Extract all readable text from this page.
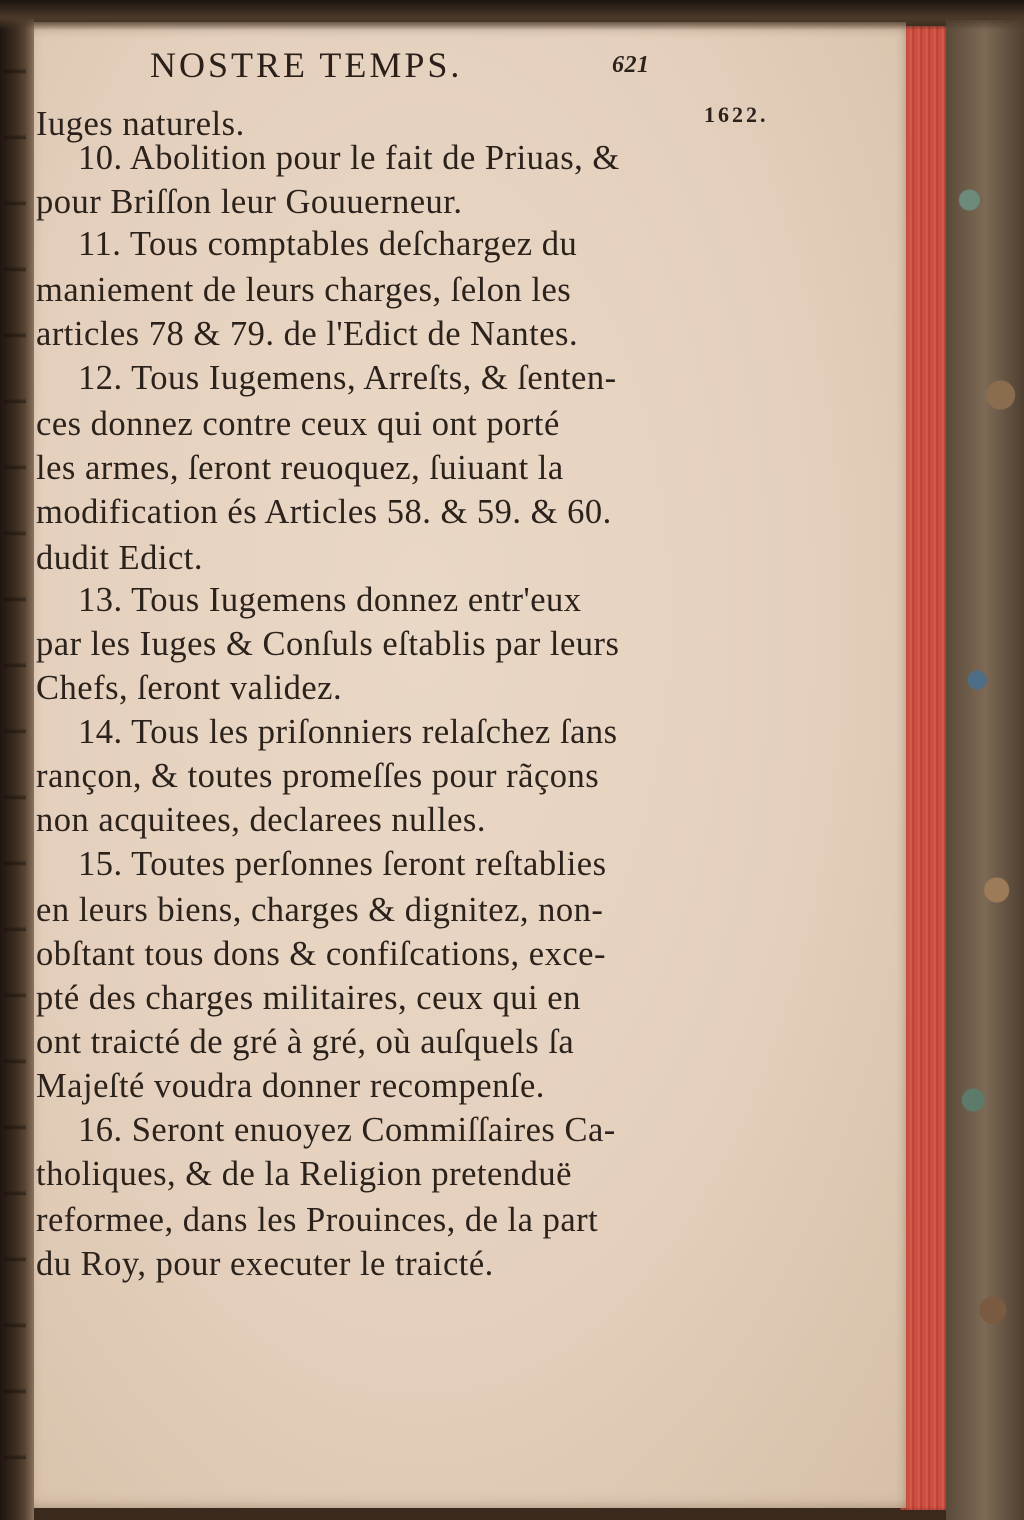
NOSTRE TEMPS.	621
1622.
Iuges naturels.
10. Abolition pour le fait de Priuas, &
pour Briſſon leur Gouuerneur.
11. Tous comptables deſchargez du
maniement de leurs charges, ſelon les
articles 78 & 79. de l'Edict de Nantes.
12. Tous Iugemens, Arreſts, & ſenten-
ces donnez contre ceux qui ont porté
les armes, ſeront reuoquez, ſuiuant la
modification és Articles 58. & 59. & 60.
dudit Edict.
13. Tous Iugemens donnez entr'eux
par les Iuges & Conſuls eſtablis par leurs
Chefs, ſeront validez.
14. Tous les priſonniers relaſchez ſans
rançon, & toutes promeſſes pour rãçons
non acquitees, declarees nulles.
15. Toutes perſonnes ſeront reſtablies
en leurs biens, charges & dignitez, non-
obſtant tous dons & confiſcations, exce-
pté des charges militaires, ceux qui en
ont traicté de gré à gré, où auſquels ſa
Majeſté voudra donner recompenſe.
16. Seront enuoyez Commiſſaires Ca-
tholiques, & de la Religion pretenduë
reformee, dans les Prouinces, de la part
du Roy, pour executer le traicté.
